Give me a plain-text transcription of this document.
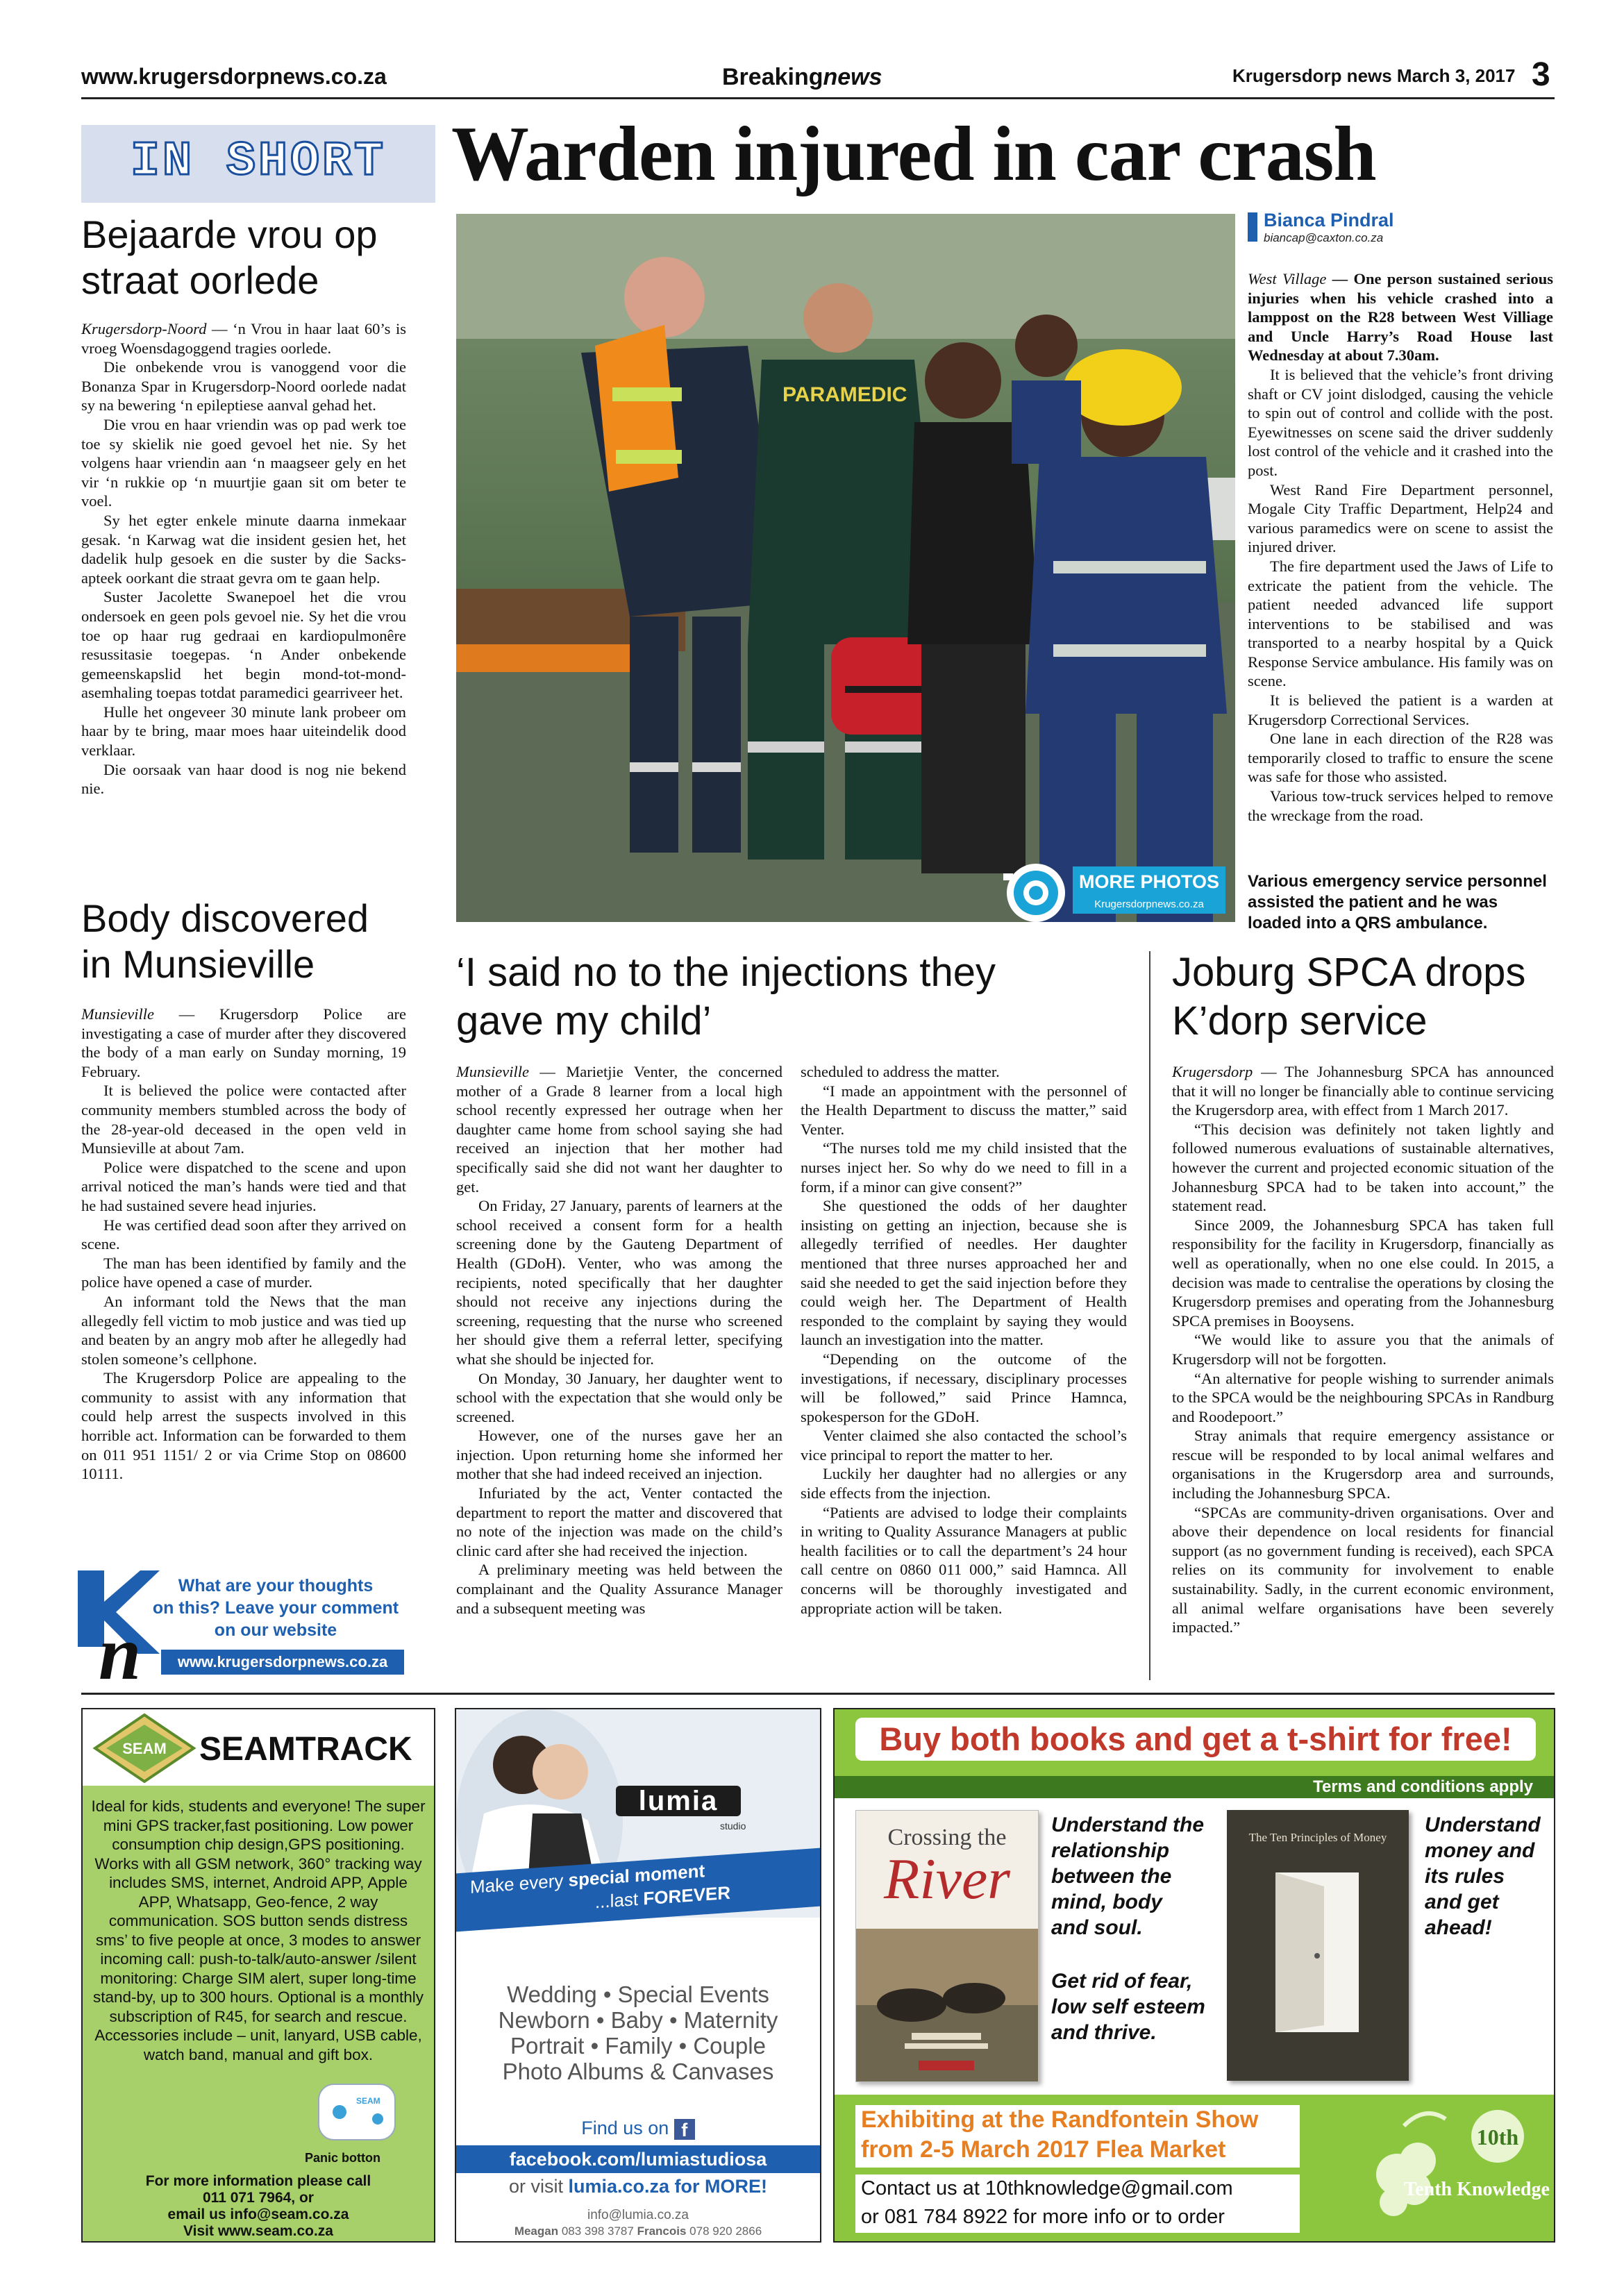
www.krugersdorpnews.co.za	Breakingnews	Krugersdorp news March 3, 2017 3
IN SHORT
Bejaarde vrou op
straat oorlede

Krugersdorp-Noord — ‘n Vrou in haar laat 60’s is vroeg Woensdagoggend tragies oorlede.

Die onbekende vrou is vanoggend voor die Bonanza Spar in Krugersdorp-Noord oorlede nadat sy na bewering ‘n epileptiese aanval gehad het.

Die vrou en haar vriendin was op pad werk toe toe sy skielik nie goed gevoel het nie. Sy het volgens haar vriendin aan ‘n maagseer gely en het vir ‘n rukkie op ‘n muurtjie gaan sit om beter te voel.

Sy het egter enkele minute daarna inmekaar gesak. ‘n Karwag wat die insident gesien het, het dadelik hulp gesoek en die suster by die Sacks-apteek oorkant die straat gevra om te gaan help.

Suster Jacolette Swanepoel het die vrou ondersoek en geen pols gevoel nie. Sy het die vrou toe op haar rug gedraai en kardiopulmonêre resussitasie toegepas. ‘n Ander onbekende gemeenskapslid het begin mond-tot-mond-asemhaling toepas totdat paramedici gearriveer het.

Hulle het ongeveer 30 minute lank probeer om haar by te bring, maar moes haar uiteindelik dood verklaar.

Die oorsaak van haar dood is nog nie bekend nie.

Body discovered
in Munsieville

Munsieville — Krugersdorp Police are investigating a case of murder after they discovered the body of a man early on Sunday morning, 19 February.

It is believed the police were contacted after community members stumbled across the body of the 28-year-old deceased in the open veld in Munsieville at about 7am.

Police were dispatched to the scene and upon arrival noticed the man’s hands were tied and that he had sustained severe head injuries.

He was certified dead soon after they arrived on scene.

The man has been identified by family and the police have opened a case of murder.

An informant told the News that the man allegedly fell victim to mob justice and was tied up and beaten by an angry mob after he allegedly had stolen someone’s cellphone.

The Krugersdorp Police are appealing to the community to assist with any information that could help arrest the suspects involved in this horrible act. Information can be forwarded to them on 011 951 1151/ 2 or via Crime Stop on 08600 10111.

n
What are your thoughts
on this? Leave your comment
on our website
www.krugersdorpnews.co.za
Warden injured in car crash
PARAMEDIC
MORE PHOTOS
Krugersdorpnews.co.za
Bianca Pindral
biancap@caxton.co.za

West Village — One person sustained serious injuries when his vehicle crashed into a lamppost on the R28 between West Villiage and Uncle Harry’s Road House last Wednesday at about 7.30am.

It is believed that the vehicle’s front driving shaft or CV joint dislodged, causing the vehicle to spin out of control and collide with the post. Eyewitnesses on scene said the driver suddenly lost control of the vehicle and it crashed into the post.

West Rand Fire Department personnel, Mogale City Traffic Department, Help24 and various paramedics were on scene to assist the injured driver.

The fire department used the Jaws of Life to extricate the patient from the vehicle. The patient needed advanced life support interventions to be stabilised and was transported to a nearby hospital by a Quick Response Service ambulance. His family was on scene.

It is believed the patient is a warden at Krugersdorp Correctional Services.

One lane in each direction of the R28 was temporarily closed to traffic to ensure the scene was safe for those who assisted.

Various tow-truck services helped to remove the wreckage from the road.

Various emergency service personnel assisted the patient and he was loaded into a QRS ambulance.
‘I said no to the injections they
gave my child’

Munsieville — Marietjie Venter, the concerned mother of a Grade 8 learner from a local high school recently expressed her outrage when her daughter came home from school saying she had received an injection that her mother had specifically said she did not want her daughter to get.

On Friday, 27 January, parents of learners at the school received a consent form for a health screening done by the Gauteng Department of Health (GDoH). Venter, who was among the recipients, noted specifically that her daughter should not receive any injections during the screening, requesting that the nurse who screened her should give them a referral letter, specifying what she should be injected for.

On Monday, 30 January, her daughter went to school with the expectation that she would only be screened.

However, one of the nurses gave her an injection. Upon returning home she informed her mother that she had indeed received an injection.

Infuriated by the act, Venter contacted the department to report the matter and discovered that no note of the injection was made on the child’s clinic card after she had received the injection.

A preliminary meeting was held between the complainant and the Quality Assurance Manager and a subsequent meeting was

scheduled to address the matter.

“I made an appointment with the personnel of the Health Department to discuss the matter,” said Venter.

“The nurses told me my child insisted that the nurses inject her. So why do we need to fill in a form, if a minor can give consent?”

She questioned the odds of her daughter insisting on getting an injection, because she is allegedly terrified of needles. Her daughter mentioned that three nurses approached her and said she needed to get the said injection before they could weigh her. The Department of Health responded to the complaint by saying they would launch an investigation into the matter.

“Depending on the outcome of the investigations, if necessary, disciplinary processes will be followed,” said Prince Hamnca, spokesperson for the GDoH.

Venter claimed she also contacted the school’s vice principal to report the matter to her.

Luckily her daughter had no allergies or any side effects from the injection.

“Patients are advised to lodge their complaints in writing to Quality Assurance Managers at public health facilities or to call the department’s 24 hour call centre on 0860 011 000,” said Hamnca. All concerns will be thoroughly investigated and appropriate action will be taken.

Joburg SPCA drops
K’dorp service

Krugersdorp — The Johannesburg SPCA has announced that it will no longer be financially able to continue servicing the Krugersdorp area, with effect from 1 March 2017.

“This decision was definitely not taken lightly and followed numerous evaluations of sustainable alternatives, however the current and projected economic situation of the Johannesburg SPCA had to be taken into account,” the statement read.

Since 2009, the Johannesburg SPCA has taken full responsibility for the facility in Krugersdorp, financially as well as operationally, when no one else could. In 2015, a decision was made to centralise the operations by closing the Krugersdorp premises and operating from the Johannesburg SPCA premises in Booysens.

“We would like to assure you that the animals of Krugersdorp will not be forgotten.

“An alternative for people wishing to surrender animals to the SPCA would be the neighbouring SPCAs in Randburg and Roodepoort.”

Stray animals that require emergency assistance or rescue will be responded to by local animal welfares and organisations in the Krugersdorp area and surrounds, including the Johannesburg SPCA.

“SPCAs are community-driven organisations. Over and above their dependence on local residents for financial support (as no government funding is received), each SPCA relies on its community for involvement to enable sustainability. Sadly, in the current economic environment, all animal welfare organisations have been severely impacted.”

SEAM SEAMTRACK
Ideal for kids, students and everyone! The super mini GPS tracker,fast positioning. Low power consumption chip design,GPS positioning. Works with all GSM network, 360° tracking way includes SMS, internet, Android APP, Apple APP, Whatsapp, Geo-fence, 2 way communication. SOS button sends distress sms’ to five people at once, 3 modes to answer incoming call: push-to-talk/auto-answer /silent monitoring: Charge SIM alert, super long-time stand-by, up to 300 hours. Optional is a monthly subscription of R45, for search and rescue. Accessories include – unit, lanyard, USB cable, watch band, manual and gift box.
SEAM
Panic botton
For more information please call
011 071 7964, or
email us info@seam.co.za
Visit www.seam.co.za
lumia
studio
Make every special moment
...last FOREVER
Wedding • Special Events
Newborn • Baby • Maternity
Portrait • Family • Couple
Photo Albums & Canvases
Find us on f
facebook.com/lumiastudiosa
or visit lumia.co.za for MORE!
info@lumia.co.za
Meagan 083 398 3787 Francois 078 920 2866
Buy both books and get a t-shirt for free!
Terms and conditions apply
Crossing the
River
Understand the
relationship
between the
mind, body
and soul.
Get rid of fear,
low self esteem
and thrive.
The Ten Principles of Money
Understand
money and
its rules
and get
ahead!
Exhibiting at the Randfontein Show
from 2-5 March 2017 Flea Market
Contact us at 10thknowledge@gmail.com
or 081 784 8922 for more info or to order
10th
Tenth Knowledge
